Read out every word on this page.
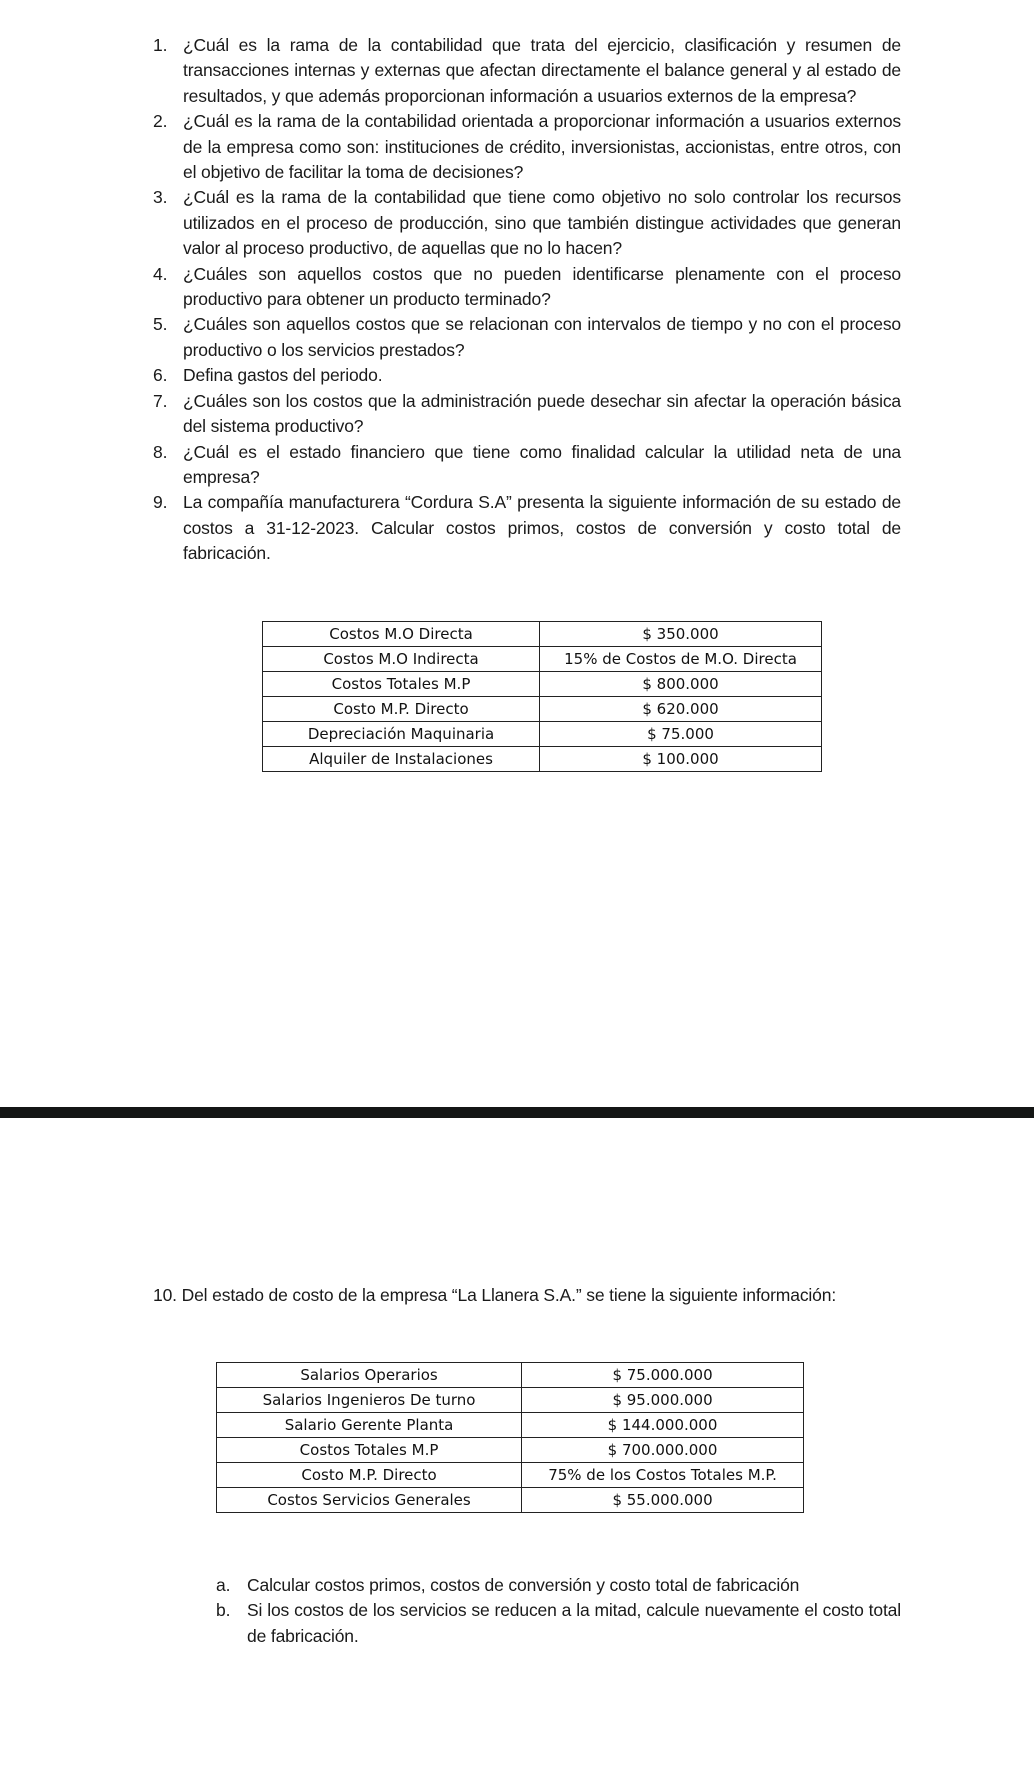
1. ¿Cuál es la rama de la contabilidad que trata del ejercicio, clasificación y resumen de transacciones internas y externas que afectan directamente el balance general y al estado de resultados, y que además proporcionan información a usuarios externos de la empresa?
2. ¿Cuál es la rama de la contabilidad orientada a proporcionar información a usuarios externos de la empresa como son: instituciones de crédito, inversionistas, accionistas, entre otros, con el objetivo de facilitar la toma de decisiones?
3. ¿Cuál es la rama de la contabilidad que tiene como objetivo no solo controlar los recursos utilizados en el proceso de producción, sino que también distingue actividades que generan valor al proceso productivo, de aquellas que no lo hacen?
4. ¿Cuáles son aquellos costos que no pueden identificarse plenamente con el proceso productivo para obtener un producto terminado?
5. ¿Cuáles son aquellos costos que se relacionan con intervalos de tiempo y no con el proceso productivo o los servicios prestados?
6. Defina gastos del periodo.
7. ¿Cuáles son los costos que la administración puede desechar sin afectar la operación básica del sistema productivo?
8. ¿Cuál es el estado financiero que tiene como finalidad calcular la utilidad neta de una empresa?
9. La compañía manufacturera “Cordura S.A” presenta la siguiente información de su estado de costos a 31-12-2023. Calcular costos primos, costos de conversión y costo total de fabricación.
Costos M.O Directa	$ 350.000
Costos M.O Indirecta	15% de Costos de M.O. Directa
Costos Totales M.P	$ 800.000
Costo M.P. Directo	$ 620.000
Depreciación Maquinaria	$ 75.000
Alquiler de Instalaciones	$ 100.000
10. Del estado de costo de la empresa “La Llanera S.A.” se tiene la siguiente información:
Salarios Operarios	$ 75.000.000
Salarios Ingenieros De turno	$ 95.000.000
Salario Gerente Planta	$ 144.000.000
Costos Totales M.P	$ 700.000.000
Costo M.P. Directo	75% de los Costos Totales M.P.
Costos Servicios Generales	$ 55.000.000
a. Calcular costos primos, costos de conversión y costo total de fabricación
b. Si los costos de los servicios se reducen a la mitad, calcule nuevamente el costo total de fabricación.
